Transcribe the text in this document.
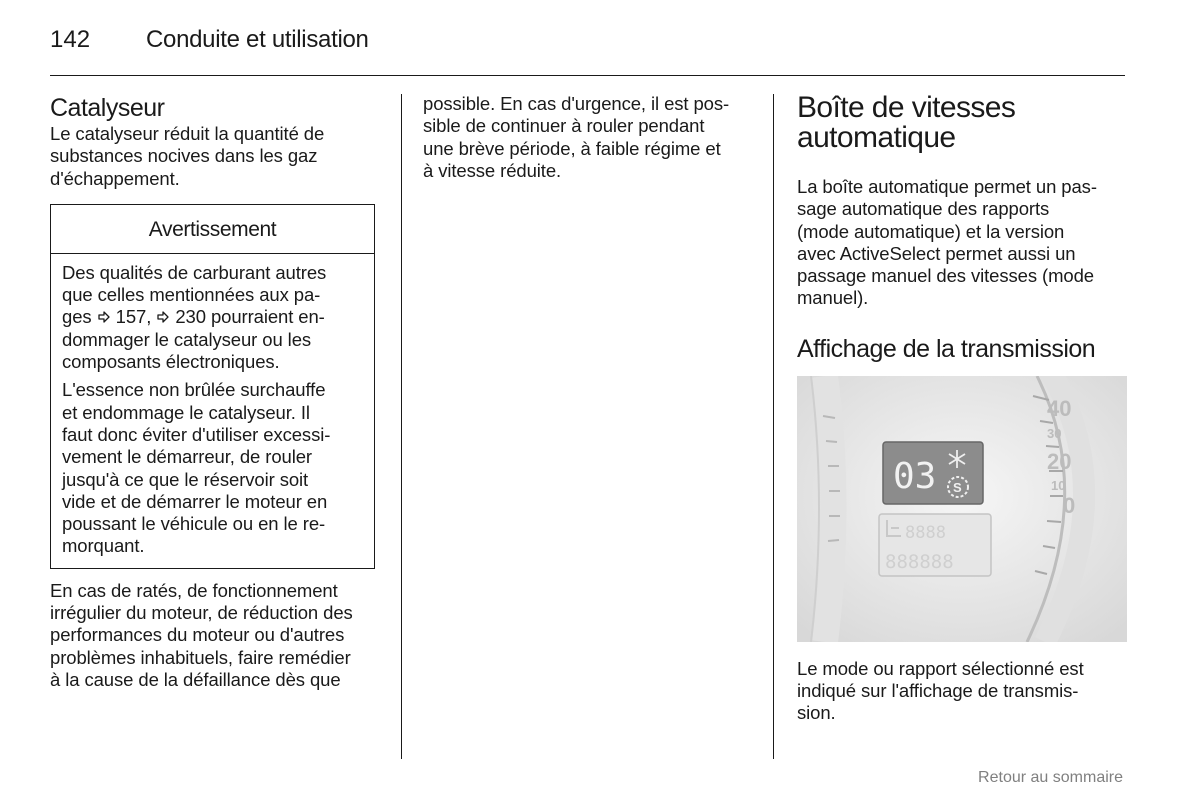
142 Conduite et utilisation
Catalyseur

Le catalyseur réduit la quantité de
substances nocives dans les gaz
d'échappement.

Avertissement

Des qualités de carburant autres
que celles mentionnées aux pa-
ges  157,  230 pourraient en-
dommager le catalyseur ou les
composants électroniques.

L'essence non brûlée surchauffe
et endommage le catalyseur. Il
faut donc éviter d'utiliser excessi-
vement le démarreur, de rouler
jusqu'à ce que le réservoir soit
vide et de démarrer le moteur en
poussant le véhicule ou en le re-
morquant.

En cas de ratés, de fonctionnement
irrégulier du moteur, de réduction des
performances du moteur ou d'autres
problèmes inhabituels, faire remédier
à la cause de la défaillance dès que

possible. En cas d'urgence, il est pos-
sible de continuer à rouler pendant
une brève période, à faible régime et
à vitesse réduite.

Boîte de vitesses
automatique

La boîte automatique permet un pas-
sage automatique des rapports
(mode automatique) et la version
avec ActiveSelect permet aussi un
passage manuel des vitesses (mode
manuel).

Affichage de la transmission
40
30
20
10
0
03 S
8888
888888

Le mode ou rapport sélectionné est
indiqué sur l'affichage de transmis-
sion.

Retour au sommaire
